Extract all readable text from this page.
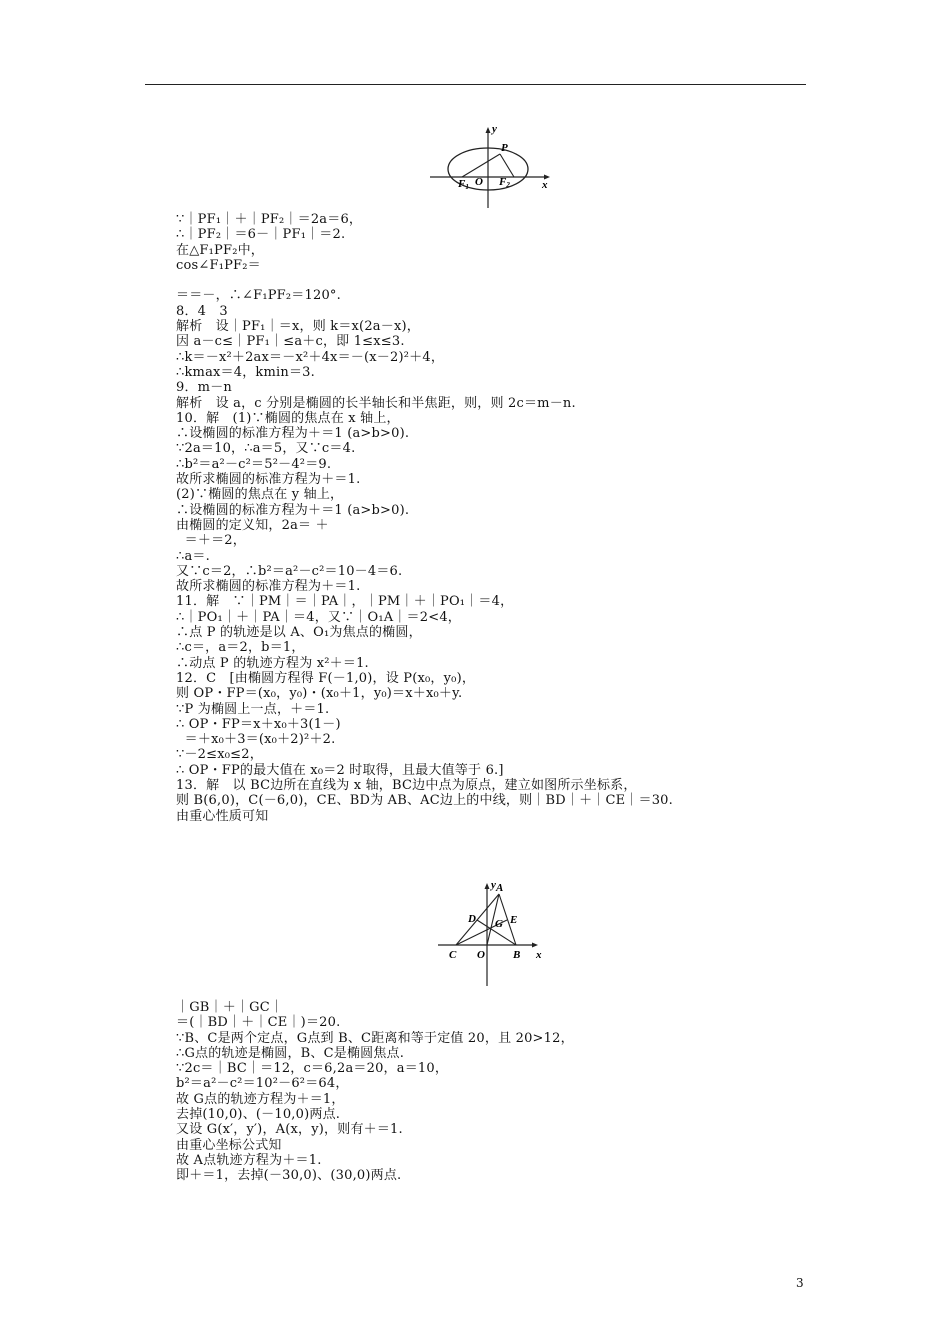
y
P
F1 O F2	x
∵｜PF₁｜＋｜PF₂｜＝2a＝6，
∴｜PF₂｜＝6－｜PF₁｜＝2.
在△F₁PF₂中，
cos∠F₁PF₂＝
＝＝－，∴∠F₁PF₂＝120°.
8．4　3
解析　设｜PF₁｜＝x，则 k＝x(2a－x)，
因 a－c≤｜PF₁｜≤a＋c，即 1≤x≤3.
∴k＝－x²＋2ax＝－x²＋4x＝－(x－2)²＋4，
∴kmax＝4，kmin＝3.
9．m－n
解析　设 a，c 分别是椭圆的长半轴长和半焦距，则，则 2c＝m－n.
10．解　(1)∵椭圆的焦点在 x 轴上，
∴设椭圆的标准方程为＋＝1 (a>b>0).
∵2a＝10，∴a＝5，又∵c＝4.
∴b²＝a²－c²＝5²－4²＝9.
故所求椭圆的标准方程为＋＝1.
(2)∵椭圆的焦点在 y 轴上，
∴设椭圆的标准方程为＋＝1 (a>b>0).
由椭圆的定义知，2a＝ ＋
＝＋＝2，
∴a＝.
又∵c＝2，∴b²＝a²－c²＝10－4＝6.
故所求椭圆的标准方程为＋＝1.
11．解　∵｜PM｜＝｜PA｜，｜PM｜＋｜PO₁｜＝4，
∴｜PO₁｜＋｜PA｜＝4，又∵｜O₁A｜＝2<4，
∴点 P 的轨迹是以 A、O₁为焦点的椭圆，
∴c＝，a＝2，b＝1，
∴动点 P 的轨迹方程为 x²＋＝1.
12．C　[由椭圆方程得 F(－1,0)，设 P(x₀，y₀)，
则 OP・FP＝(x₀，y₀)・(x₀＋1，y₀)＝x＋x₀＋y.
∵P 为椭圆上一点，＋＝1.
∴ OP・FP＝x＋x₀＋3(1－)
＝＋x₀＋3＝(x₀＋2)²＋2.
∵－2≤x₀≤2，
∴ OP・FP的最大值在 x₀＝2 时取得，且最大值等于 6.]
13．解　以 BC边所在直线为 x 轴，BC边中点为原点，建立如图所示坐标系，
则 B(6,0)，C(－6,0)，CE、BD为 AB、AC边上的中线，则｜BD｜＋｜CE｜＝30.
由重心性质可知
y A
D G E
C O	B x
｜GB｜＋｜GC｜
＝(｜BD｜＋｜CE｜)＝20.
∵B、C是两个定点，G点到 B、C距离和等于定值 20，且 20>12，
∴G点的轨迹是椭圆，B、C是椭圆焦点.
∵2c＝｜BC｜＝12，c＝6,2a＝20，a＝10，
b²＝a²－c²＝10²－6²＝64，
故 G点的轨迹方程为＋＝1，
去掉(10,0)、(－10,0)两点.
又设 G(x′，y′)，A(x，y)，则有＋＝1.
由重心坐标公式知
故 A点轨迹方程为＋＝1.
即＋＝1，去掉(－30,0)、(30,0)两点.
3
